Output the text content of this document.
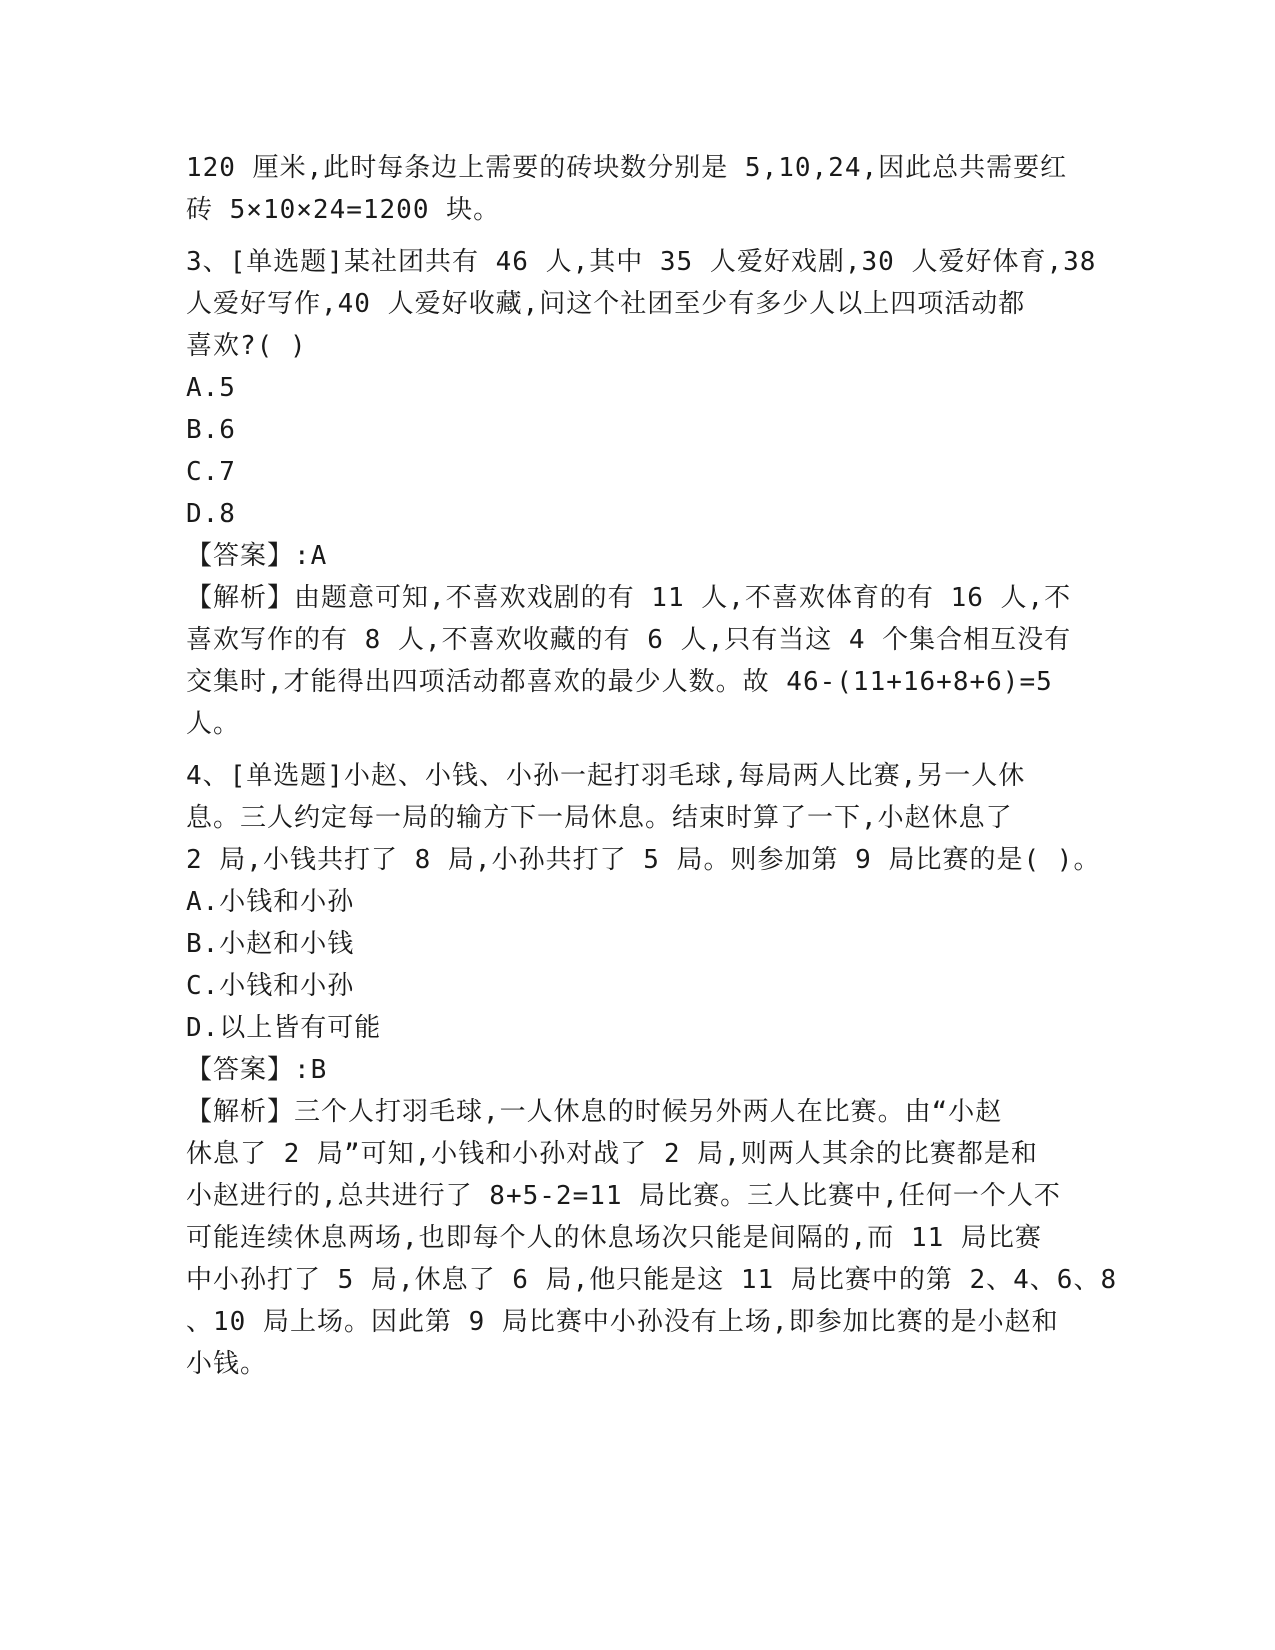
120 厘米,此时每条边上需要的砖块数分别是 5,10,24,因此总共需要红
砖 5×10×24=1200 块。
3、[单选题]某社团共有 46 人,其中 35 人爱好戏剧,30 人爱好体育,38
人爱好写作,40 人爱好收藏,问这个社团至少有多少人以上四项活动都
喜欢?( )
A.5
B.6
C.7
D.8
【答案】:A
【解析】由题意可知,不喜欢戏剧的有 11 人,不喜欢体育的有 16 人,不
喜欢写作的有 8 人,不喜欢收藏的有 6 人,只有当这 4 个集合相互没有
交集时,才能得出四项活动都喜欢的最少人数。故 46-(11+16+8+6)=5
人。
4、[单选题]小赵、小钱、小孙一起打羽毛球,每局两人比赛,另一人休
息。三人约定每一局的输方下一局休息。结束时算了一下,小赵休息了
2 局,小钱共打了 8 局,小孙共打了 5 局。则参加第 9 局比赛的是( )。
A.小钱和小孙
B.小赵和小钱
C.小钱和小孙
D.以上皆有可能
【答案】:B
【解析】三个人打羽毛球,一人休息的时候另外两人在比赛。由“小赵
休息了 2 局”可知,小钱和小孙对战了 2 局,则两人其余的比赛都是和
小赵进行的,总共进行了 8+5-2=11 局比赛。三人比赛中,任何一个人不
可能连续休息两场,也即每个人的休息场次只能是间隔的,而 11 局比赛
中小孙打了 5 局,休息了 6 局,他只能是这 11 局比赛中的第 2、4、6、8
、10 局上场。因此第 9 局比赛中小孙没有上场,即参加比赛的是小赵和
小钱。
